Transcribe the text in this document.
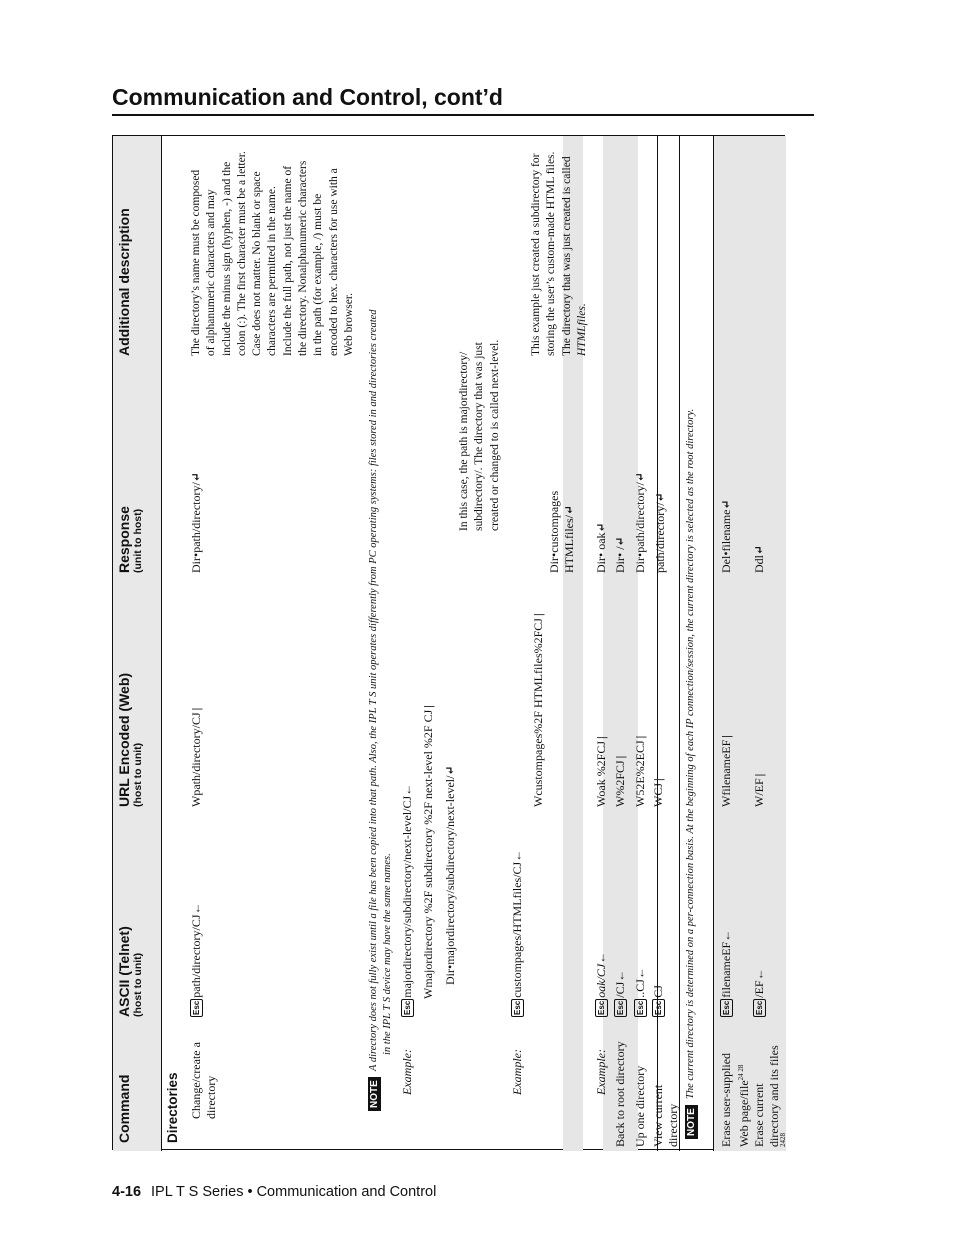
Communication and Control, cont’d
Command
ASCII (Telnet) (host to unit)
URL Encoded (Web) (host to unit)
Response (unit to host)
Additional description
Directories Change/create a directory
Escpath/directory/CJ←
Wpath/directory/CJ|
Dir•path/directory/↵
The directory’s name must be composed of alphanumeric characters and may include the minus sign (hyphen, -) and the colon (:). The first character must be a letter. Case does not matter. No blank or space characters are permitted in the name. Include the full path, not just the name of the directory. Nonalphanumeric characters in the path (for example, /) must be encoded to hex. characters for use with a Web browser.
NOTE
A directory does not fully exist until a file has been copied into that path. Also, the IPL T S unit operates differently from PC operating systems: files stored in and directories created in the IPL T S device may have the same names.
Example:
Escmajordirectory/subdirectory/next-level/CJ← Wmajordirectory %2F subdirectory %2F next-level %2F CJ|
Dir•majordirectory/subdirectory/next-level/↵
In this case, the path is majordirectory/ subdirectory/. The directory that was just created or changed to is called next-level.
Example:
Esccustompages/HTMLfiles/CJ←
Wcustompages%2F HTMLfiles%2FCJ|
Dir•custompages HTMLfiles/↵
This example just created a subdirectory for storing the user’s custom-made HTML files. The directory that was just created is called HTMLfiles.
Example:
Escoak/CJ←
Woak %2FCJ|
Dir• oak↵
Back to root directory
Esc/CJ←
W%2FCJ|
Dir• /↵
Up one directory
Esc..CJ←
W52E%2ECJ|
Dir•path/directory/↵
path/directory/↵
View current directory
EscCJ
WCJ|
NOTE
The current directory is determined on a per-connection basis. At the beginning of each IP connection/session, the current directory is selected as the root directory.
Erase user-supplied Web page/file$^{24 28}$
EscfilenameEF←
WfilenameEF|
Del•filename↵
Erase current directory and its files
2428
Esc/EF←
W/EF|
Ddl↵
4-16 IPL T S Series • Communication and Control
